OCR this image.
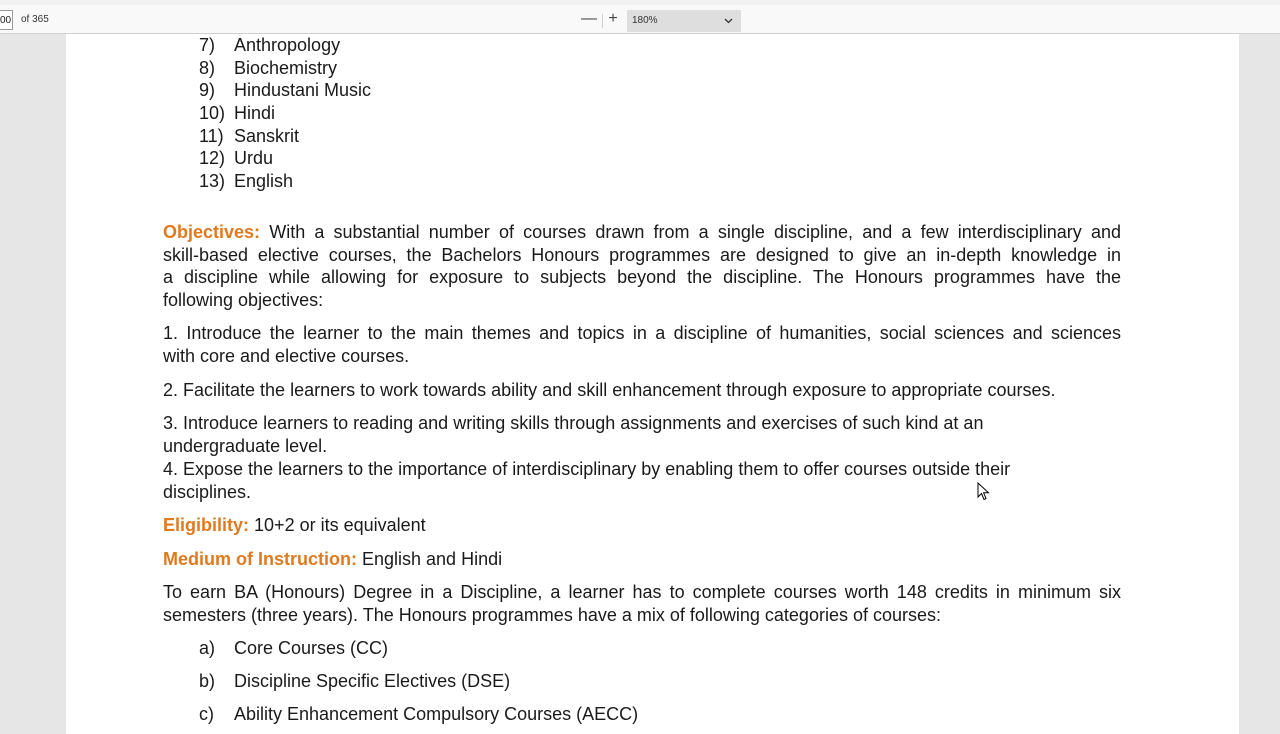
00 of 365	— +	180%
7) Anthropology
8) Biochemistry
9) Hindustani Music
10) Hindi
11) Sanskrit
12) Urdu
13) English
Objectives: With a substantial number of courses drawn from a single discipline, and a few interdisciplinary and
skill-based elective courses, the Bachelors Honours programmes are designed to give an in-depth knowledge in
a discipline while allowing for exposure to subjects beyond the discipline. The Honours programmes have the
following objectives:
1. Introduce the learner to the main themes and topics in a discipline of humanities, social sciences and sciences
with core and elective courses.
2. Facilitate the learners to work towards ability and skill enhancement through exposure to appropriate courses.
3. Introduce learners to reading and writing skills through assignments and exercises of such kind at an
undergraduate level.
4. Expose the learners to the importance of interdisciplinary by enabling them to offer courses outside their
disciplines.
Eligibility: 10+2 or its equivalent
Medium of Instruction: English and Hindi
To earn BA (Honours) Degree in a Discipline, a learner has to complete courses worth 148 credits in minimum six
semesters (three years). The Honours programmes have a mix of following categories of courses:
a) Core Courses (CC)
b) Discipline Specific Electives (DSE)
c) Ability Enhancement Compulsory Courses (AECC)
